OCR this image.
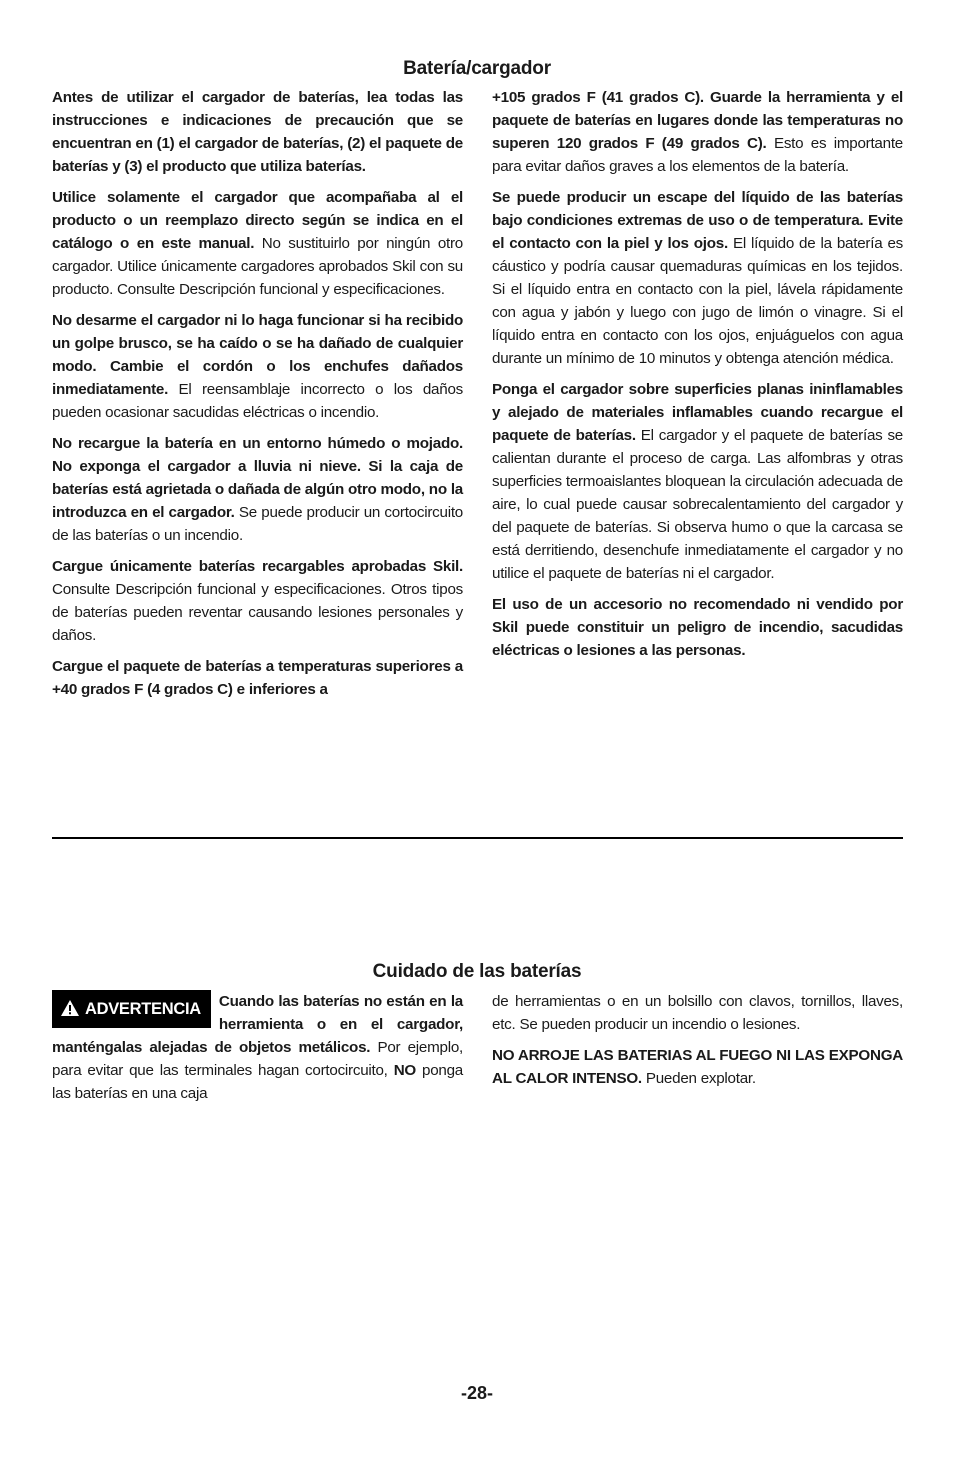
Batería/cargador

Antes de utilizar el cargador de baterías, lea todas las instrucciones e indicaciones de precaución que se encuentran en (1) el cargador de baterías, (2) el paquete de baterías y (3) el producto que utiliza baterías.

Utilice solamente el cargador que acompañaba al el producto o un reemplazo directo según se indica en el catálogo o en este manual. No sustituirlo por ningún otro cargador. Utilice únicamente cargadores aprobados Skil con su producto. Consulte Descripción funcional y especificaciones.

No desarme el cargador ni lo haga funcionar si ha recibido un golpe brusco, se ha caído o se ha dañado de cualquier modo. Cambie el cordón o los enchufes dañados inmediatamente. El reensamblaje incorrecto o los daños pueden ocasionar sacudidas eléctricas o incendio.

No recargue la batería en un entorno húmedo o mojado. No exponga el cargador a lluvia ni nieve. Si la caja de baterías está agrietada o dañada de algún otro modo, no la introduzca en el cargador. Se puede producir un cortocircuito de las baterías o un incendio.

Cargue únicamente baterías recargables aprobadas Skil. Consulte Descripción funcional y especificaciones. Otros tipos de baterías pueden reventar causando lesiones personales y daños.

Cargue el paquete de baterías a temperaturas superiores a +40 grados F (4 grados C) e inferiores a

+105 grados F (41 grados C). Guarde la herramienta y el paquete de baterías en lugares donde las temperaturas no superen 120 grados F (49 grados C). Esto es importante para evitar daños graves a los elementos de la batería.

Se puede producir un escape del líquido de las baterías bajo condiciones extremas de uso o de temperatura. Evite el contacto con la piel y los ojos. El líquido de la batería es cáustico y podría causar quemaduras químicas en los tejidos. Si el líquido entra en contacto con la piel, lávela rápidamente con agua y jabón y luego con jugo de limón o vinagre. Si el líquido entra en contacto con los ojos, enjuáguelos con agua durante un mínimo de 10 minutos y obtenga atención médica.

Ponga el cargador sobre superficies planas ininflamables y alejado de materiales inflamables cuando recargue el paquete de baterías. El cargador y el paquete de baterías se calientan durante el proceso de carga. Las alfombras y otras superficies termoaislantes bloquean la circulación adecuada de aire, lo cual puede causar sobrecalentamiento del cargador y del paquete de baterías. Si observa humo o que la carcasa se está derritiendo, desenchufe inmediatamente el cargador y no utilice el paquete de baterías ni el cargador.

El uso de un accesorio no recomendado ni vendido por Skil puede constituir un peligro de incendio, sacudidas eléctricas o lesiones a las personas.

Cuidado de las baterías

ADVERTENCIA	Cuando las baterías no están en la herramienta o en el cargador, manténgalas alejadas de objetos metálicos. Por ejemplo, para evitar que las terminales hagan cortocircuito, NO ponga las baterías en una caja

de herramientas o en un bolsillo con clavos, tornillos, llaves, etc. Se pueden producir un incendio o lesiones.

NO ARROJE LAS BATERIAS AL FUEGO NI LAS EXPONGA AL CALOR INTENSO. Pueden explotar.

-28-
